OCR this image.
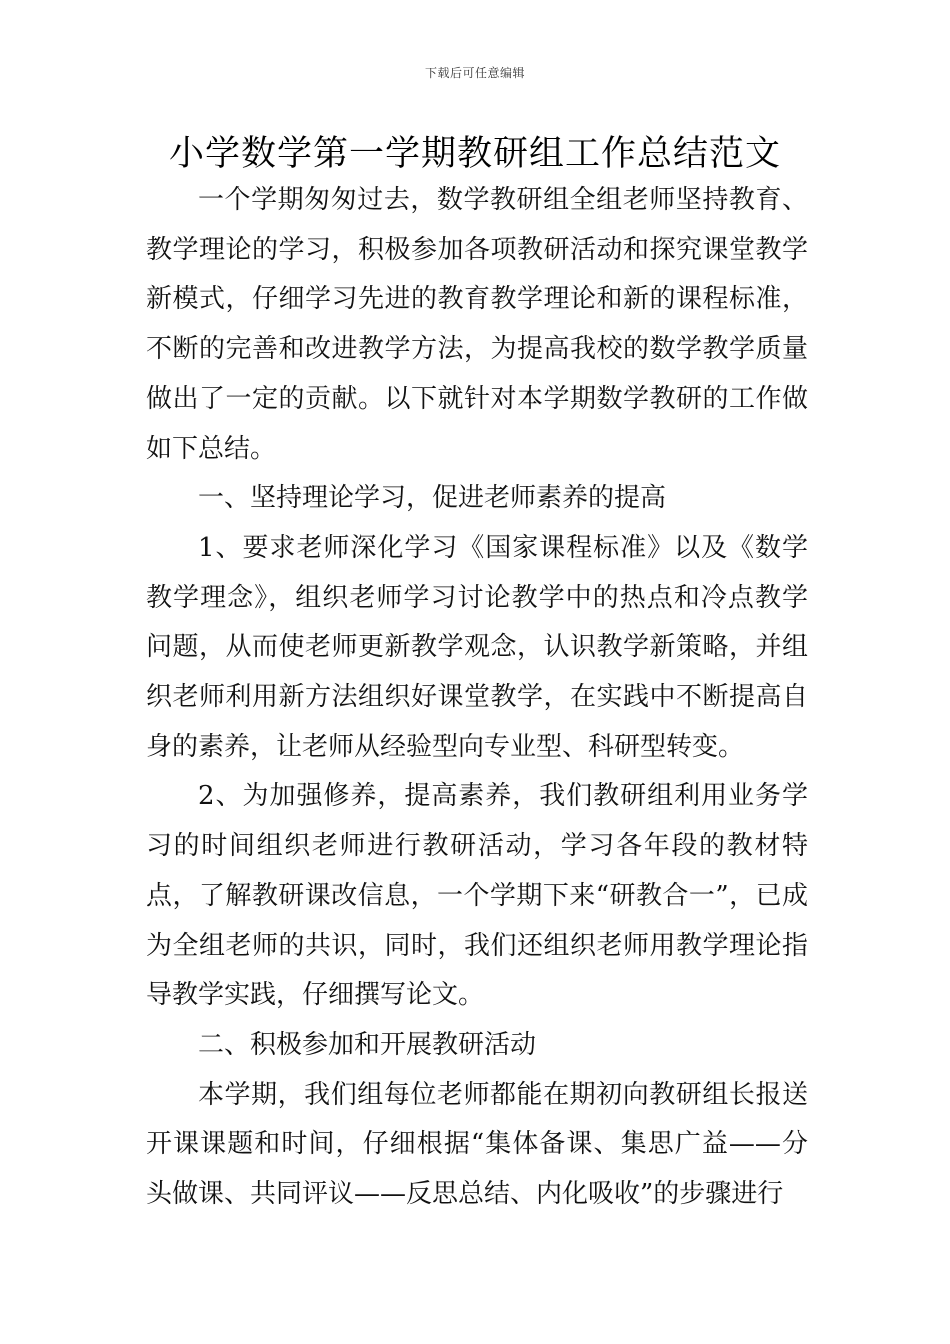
下载后可任意编辑
小学数学第一学期教研组工作总结范文

一个学期匆匆过去，数学教研组全组老师坚持教育、教学理论的学习，积极参加各项教研活动和探究课堂教学新模式，仔细学习先进的教育教学理论和新的课程标准，不断的完善和改进教学方法，为提高我校的数学教学质量做出了一定的贡献。以下就针对本学期数学教研的工作做如下总结。

一、坚持理论学习，促进老师素养的提高

1、要求老师深化学习《国家课程标准》以及《数学教学理念》，组织老师学习讨论教学中的热点和冷点教学问题，从而使老师更新教学观念，认识教学新策略，并组织老师利用新方法组织好课堂教学，在实践中不断提高自身的素养，让老师从经验型向专业型、科研型转变。

2、为加强修养，提高素养，我们教研组利用业务学习的时间组织老师进行教研活动，学习各年段的教材特点，了解教研课改信息，一个学期下来“研教合一”，已成为全组老师的共识，同时，我们还组织老师用教学理论指导教学实践，仔细撰写论文。

二、积极参加和开展教研活动

本学期，我们组每位老师都能在期初向教研组长报送开课课题和时间，仔细根据“集体备课、集思广益——分头做课、共同评议——反思总结、内化吸收”的步骤进行
